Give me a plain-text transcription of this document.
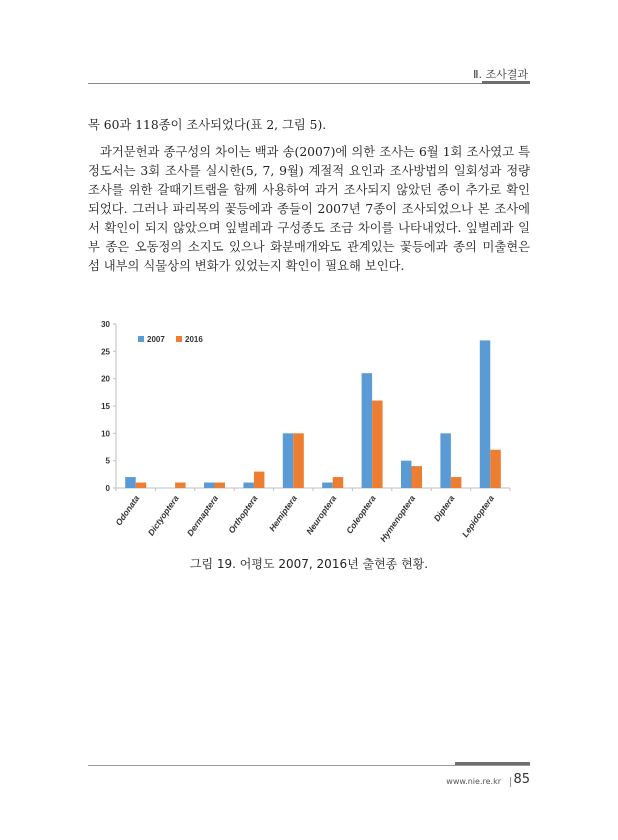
Ⅱ. 조사결과
목 60과 118종이 조사되었다(표 2, 그림 5).
과거문헌과 종구성의 차이는 백과 송(2007)에 의한 조사는 6월 1회 조사였고 특정도서는 3회 조사를 실시한(5, 7, 9월) 계절적 요인과 조사방법의 일회성과 정량조사를 위한 갈때기트랩을 함께 사용하여 과거 조사되지 않았던 종이 추가로 확인되었다. 그러나 파리목의 꽃등에과 종들이 2007년 7종이 조사되었으나 본 조사에서 확인이 되지 않았으며 잎벌레과 구성종도 조금 차이를 나타내었다. 잎벌레과 일부 종은 오동정의 소지도 있으나 화분매개와도 관계있는 꽃등에과 종의 미출현은 섬 내부의 식물상의 변화가 있었는지 확인이 필요해 보인다.
0
5
10
15
20
25
30
Odonata Dictyoptera Dermaptera Orthoptera Hemiptera Neuroptera Coleoptera Hymenoptera Diptera Lepidoptera
2007	2016
그림 19. 어평도 2007, 2016년 출현종 현황.
www.nie.re.kr 85
